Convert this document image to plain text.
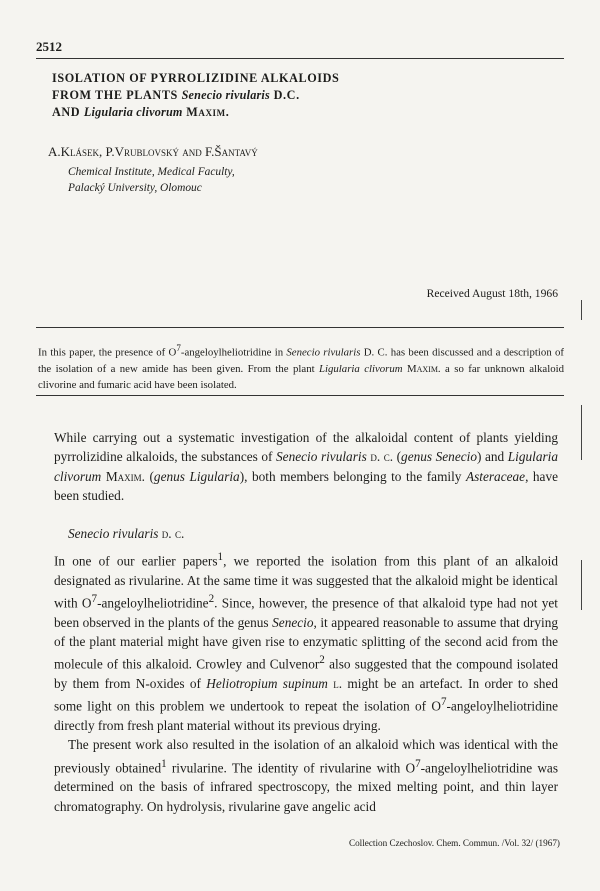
2512
ISOLATION OF PYRROLIZIDINE ALKALOIDS
FROM THE PLANTS Senecio rivularis D.C.
AND Ligularia clivorum Maxim.
A.Klásek, P.Vrublovský and F.Šantavý
Chemical Institute, Medical Faculty,
Palacký University, Olomouc
Received August 18th, 1966
In this paper, the presence of $O^7$-angeloylheliotridine in Senecio rivularis D. C. has been discussed and a description of the isolation of a new amide has been given. From the plant Ligularia clivorum Maxim. a so far unknown alkaloid clivorine and fumaric acid have been isolated.

While carrying out a systematic investigation of the alkaloidal content of plants yielding pyrrolizidine alkaloids, the substances of Senecio rivularis d. c. (genus Senecio) and Ligularia clivorum Maxim. (genus Ligularia), both members belonging to the family Asteraceae, have been studied.

Senecio rivularis d. c.

In one of our earlier papers$^1$, we reported the isolation from this plant of an alkaloid designated as rivularine. At the same time it was suggested that the alkaloid might be identical with $O^7-angeloylheliotridine^2$. Since, however, the presence of that alkaloid type had not yet been observed in the plants of the genus Senecio, it appeared reasonable to assume that drying of the plant material might have given rise to enzymatic splitting of the second acid from the molecule of this alkaloid. Crowley and Culvenor$^2$ also suggested that the compound isolated by them from N-oxides of Heliotropium supinum l. might be an artefact. In order to shed some light on this problem we undertook to repeat the isolation of $O^7$-angeloylheliotridine directly from fresh plant material without its previous drying.

The present work also resulted in the isolation of an alkaloid which was identical with the previously obtained$^1$ rivularine. The identity of rivularine with $O^7$-angeloylheliotridine was determined on the basis of infrared spectroscopy, the mixed melting point, and thin layer chromatography. On hydrolysis, rivularine gave angelic acid

Collection Czechoslov. Chem. Commun. /Vol. 32/ (1967)
